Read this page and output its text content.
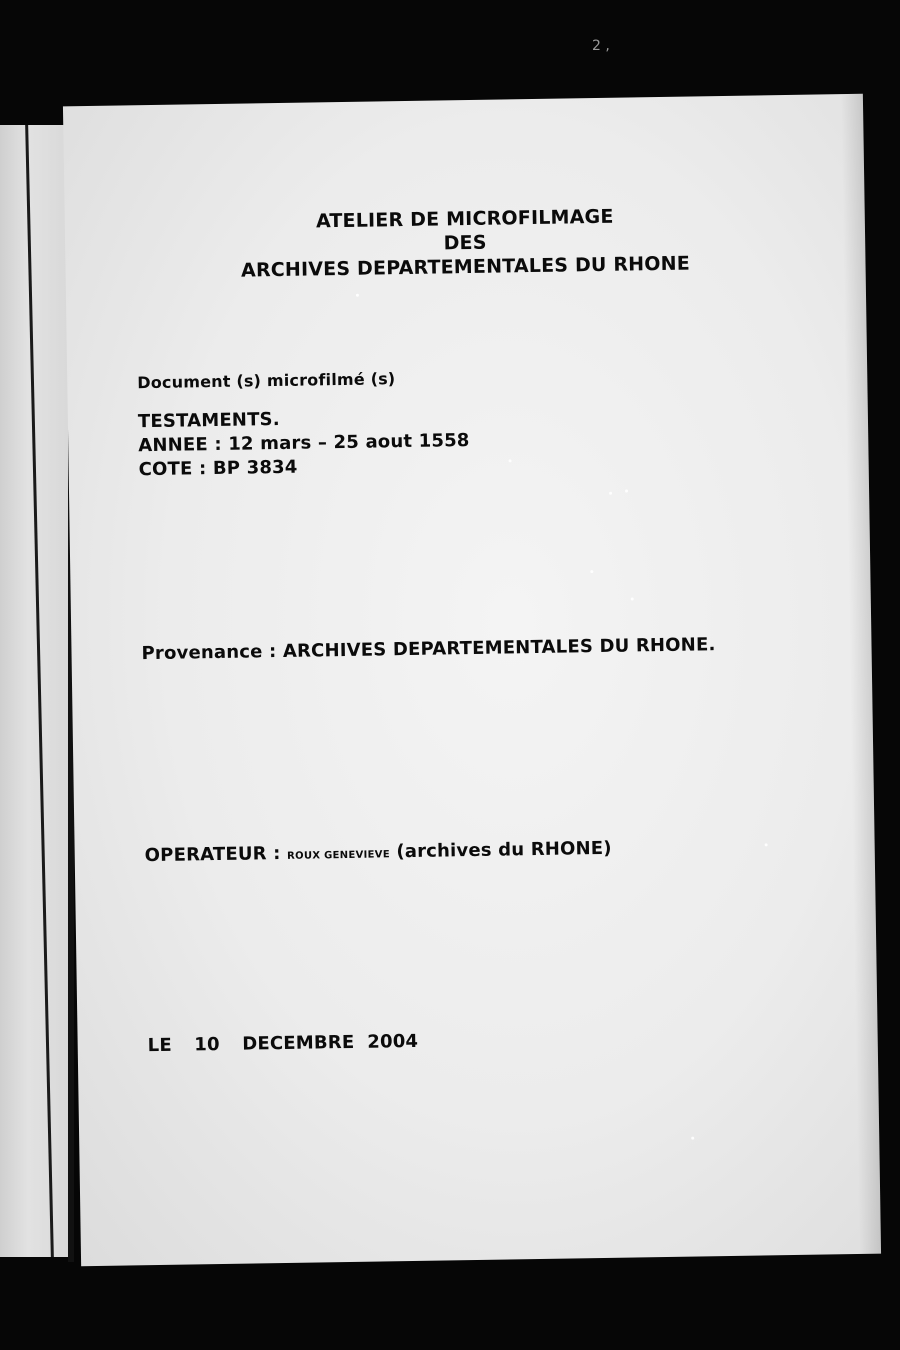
2 ,
ATELIER DE MICROFILMAGE
DES
ARCHIVES DEPARTEMENTALES DU RHONE
Document (s) microfilmé (s)
TESTAMENTS.
ANNEE : 12 mars – 25 aout 1558
COTE : BP 3834
Provenance : ARCHIVES DEPARTEMENTALES DU RHONE.
OPERATEUR : ROUX GENEVIEVE (archives du RHONE)
LE 10 DECEMBRE  2004
